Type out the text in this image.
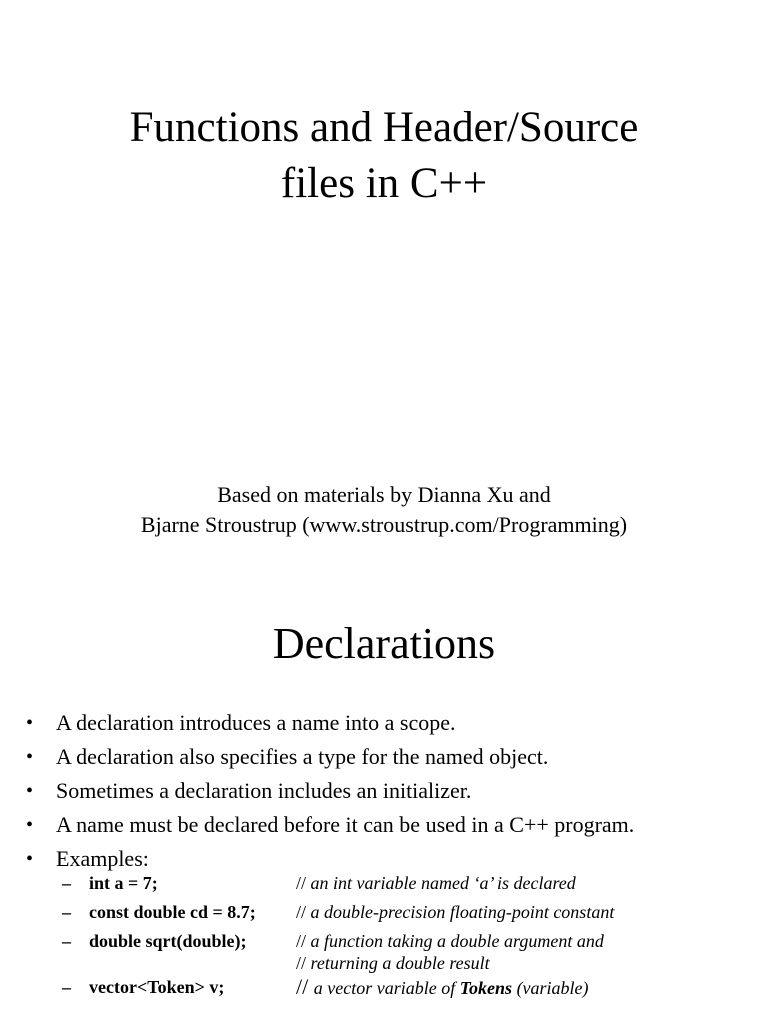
Functions and Header/Source
files in C++
Based on materials by Dianna Xu and
Bjarne Stroustrup (www.stroustrup.com/Programming)
Declarations
• A declaration introduces a name into a scope.
• A declaration also specifies a type for the named object.
• Sometimes a declaration includes an initializer.
• A name must be declared before it can be used in a C++ program.
• Examples:
– int a = 7;	// an int variable named ‘a’ is declared
– const double cd = 8.7; // a double-precision floating-point constant
– double sqrt(double);	// a function taking a double argument and
// returning a double result
– vector<Token> v;	// a vector variable of Tokens (variable)
